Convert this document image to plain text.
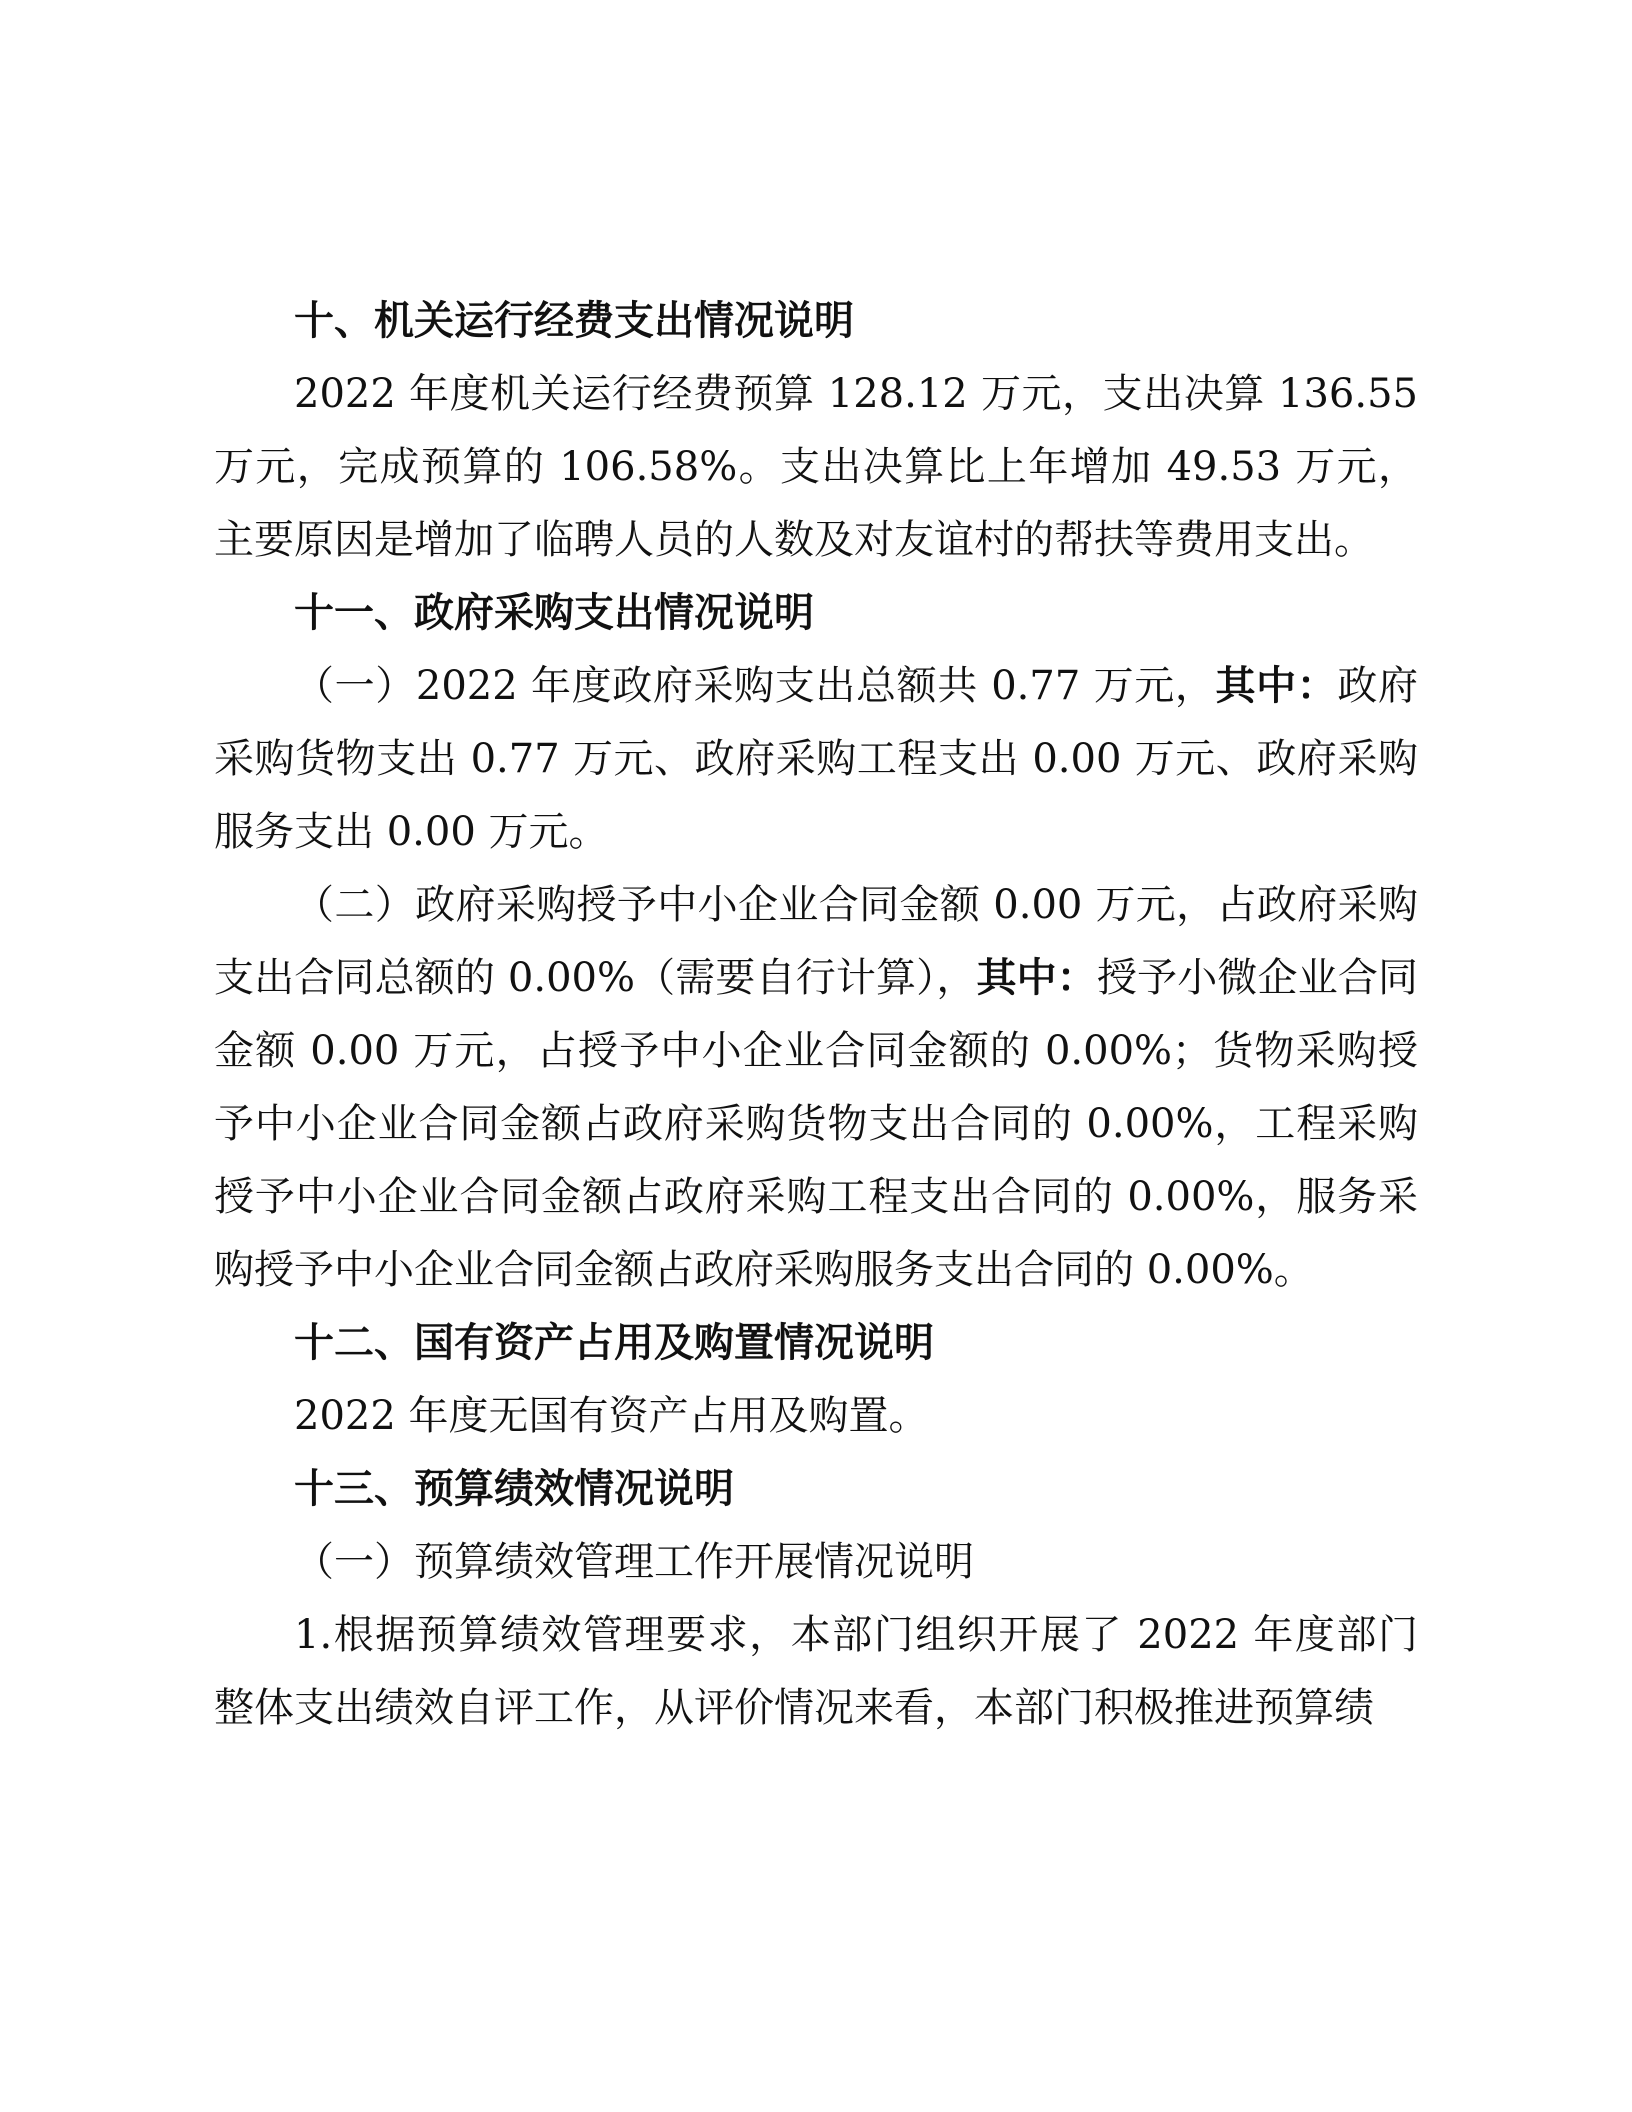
十、机关运行经费支出情况说明

2022 年度机关运行经费预算 128.12 万元，支出决算 136.55 万元，完成预算的 106.58%。支出决算比上年增加 49.53 万元，主要原因是增加了临聘人员的人数及对友谊村的帮扶等费用支出。

十一、政府采购支出情况说明

（一）2022 年度政府采购支出总额共 0.77 万元，其中：政府采购货物支出 0.77 万元、政府采购工程支出 0.00 万元、政府采购服务支出 0.00 万元。

（二）政府采购授予中小企业合同金额 0.00 万元，占政府采购支出合同总额的 0.00%（需要自行计算），其中：授予小微企业合同金额 0.00 万元，占授予中小企业合同金额的 0.00%；货物采购授予中小企业合同金额占政府采购货物支出合同的 0.00%，工程采购授予中小企业合同金额占政府采购工程支出合同的 0.00%，服务采购授予中小企业合同金额占政府采购服务支出合同的 0.00%。

十二、国有资产占用及购置情况说明

2022 年度无国有资产占用及购置。

十三、预算绩效情况说明

（一）预算绩效管理工作开展情况说明

1.根据预算绩效管理要求，本部门组织开展了 2022 年度部门整体支出绩效自评工作，从评价情况来看，本部门积极推进预算绩
